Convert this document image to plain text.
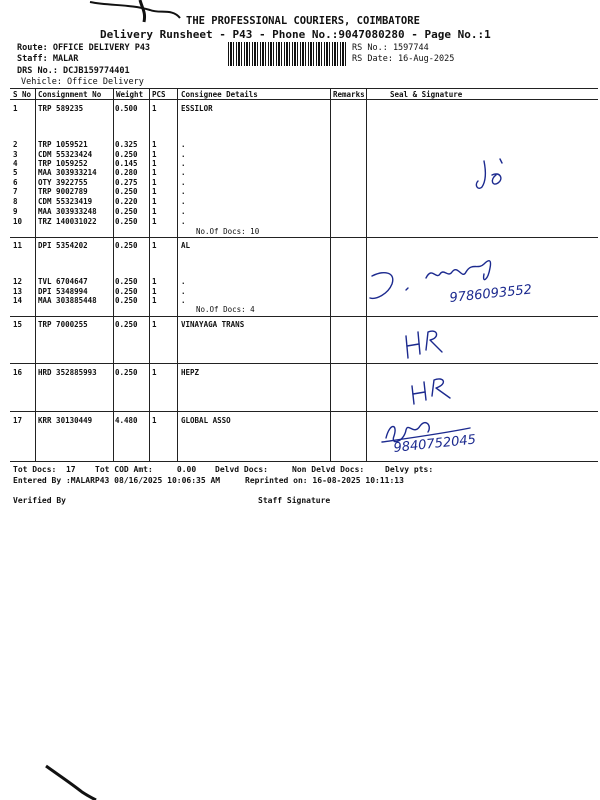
THE PROFESSIONAL COURIERS, COIMBATORE
Delivery Runsheet - P43 - Phone No.:9047080280 - Page No.:1
Route: OFFICE DELIVERY P43
Staff: MALAR
DRS No.: DCJB159774401
Vehicle: Office Delivery
RS No.: 1597744
RS Date: 16-Aug-2025
S No Consignment No Weight PCS Consignee Details	Remarks	Seal & Signature
1	TRP 589235	0.500 1	ESSILOR
2	TRP 1059521	0.325 1	.
3	CDM 55323424	0.250 1	.
4	TRP 1059252	0.145 1	.
5	MAA 303933214 0.280 1	.
6	OTY 3922755	0.275 1	.
7	TRP 9002789	0.250 1	.
8	CDM 55323419	0.220 1	.
9	MAA 303933248 0.250 1	.
10 TRZ 140031022 0.250 1	.
11 DPI 5354202	0.250 1	AL
12 TVL 6704647	0.250 1	.
13 DPI 5348994	0.250 1	.
14 MAA 303885448 0.250 1	.
15 TRP 7000255	0.250 1	VINAYAGA TRANS
16 HRD 352885993 0.250 1	HEPZ
17 KRR 30130449	4.480 1	GLOBAL ASSO
No.Of Docs: 10
No.Of Docs: 4
9786093552
9840752045
Tot Docs:  17 Tot COD Amt:     0.00 Delvd Docs:	Non Delvd Docs:	Delvy pts:
Entered By :MALARP43 08/16/2025 10:06:35 AM	Reprinted on: 16-08-2025 10:11:13
Verified By	Staff Signature
